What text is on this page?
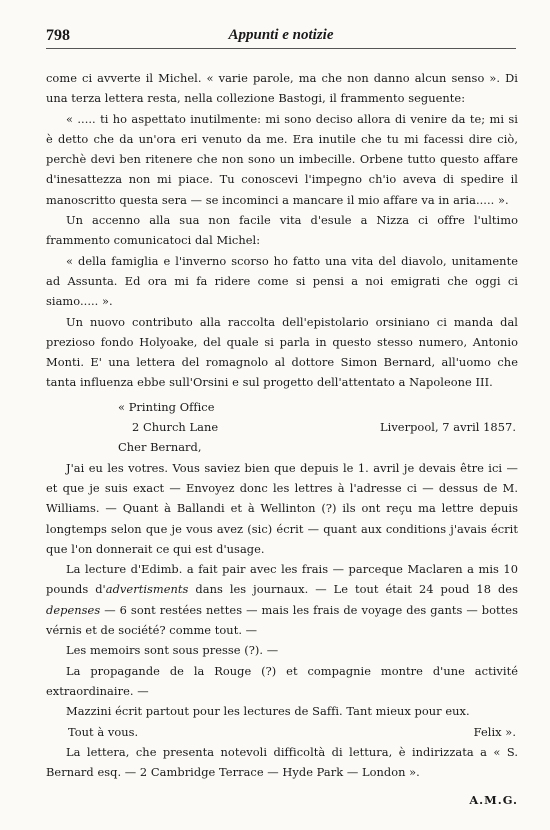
798	Appunti e notizie

come ci avverte il Michel. « varie parole, ma che non danno alcun senso ». Di una terza lettera resta, nella collezione Bastogi, il frammento seguente:

« ..... ti ho aspettato inutilmente: mi sono deciso allora di venire da te; mi si è detto che da un'ora eri venuto da me. Era inutile che tu mi facessi dire ciò, perchè devi ben ritenere che non sono un imbecille. Orbene tutto questo affare d'inesattezza non mi piace. Tu conoscevi l'impegno ch'io aveva di spedire il manoscritto questa sera — se incominci a mancare il mio affare va in aria..... ».

Un accenno alla sua non facile vita d'esule a Nizza ci offre l'ultimo frammento comunicatoci dal Michel:

« della famiglia e l'inverno scorso ho fatto una vita del diavolo, unitamente ad Assunta. Ed ora mi fa ridere come si pensi a noi emigrati che oggi ci siamo..... ».

Un nuovo contributo alla raccolta dell'epistolario orsiniano ci manda dal prezioso fondo Holyoake, del quale si parla in questo stesso numero, Antonio Monti. E' una lettera del romagnolo al dottore Simon Bernard, all'uomo che tanta influenza ebbe sull'Orsini e sul progetto dell'attentato a Napoleone III.

« Printing Office
2 Church Lane	Liverpool, 7 avril 1857.
Cher Bernard,

J'ai eu les votres. Vous saviez bien que depuis le 1. avril je devais être ici — et que je suis exact — Envoyez donc les lettres à l'adresse ci — dessus de M. Williams. — Quant à Ballandi et à Wellinton (?) ils ont reçu ma lettre depuis longtemps selon que je vous avez (sic) écrit — quant aux conditions j'avais écrit que l'on donnerait ce qui est d'usage.

La lecture d'Edimb. a fait pair avec les frais — parceque Maclaren a mis 10 pounds d'advertisments dans les journaux. — Le tout était 24 poud 18 des depenses — 6 sont restées nettes — mais les frais de voyage des gants — bottes vérnis et de société? comme tout. —

Les memoirs sont sous presse (?). —

La propagande de la Rouge (?) et compagnie montre d'une activité extraordinaire. —

Mazzini écrit partout pour les lectures de Saffi. Tant mieux pour eux.

Tout à vous.	Felix ».

La lettera, che presenta notevoli difficoltà di lettura, è indirizzata a « S. Bernard esq. — 2 Cambridge Terrace — Hyde Park — London ».

A.M.G.
